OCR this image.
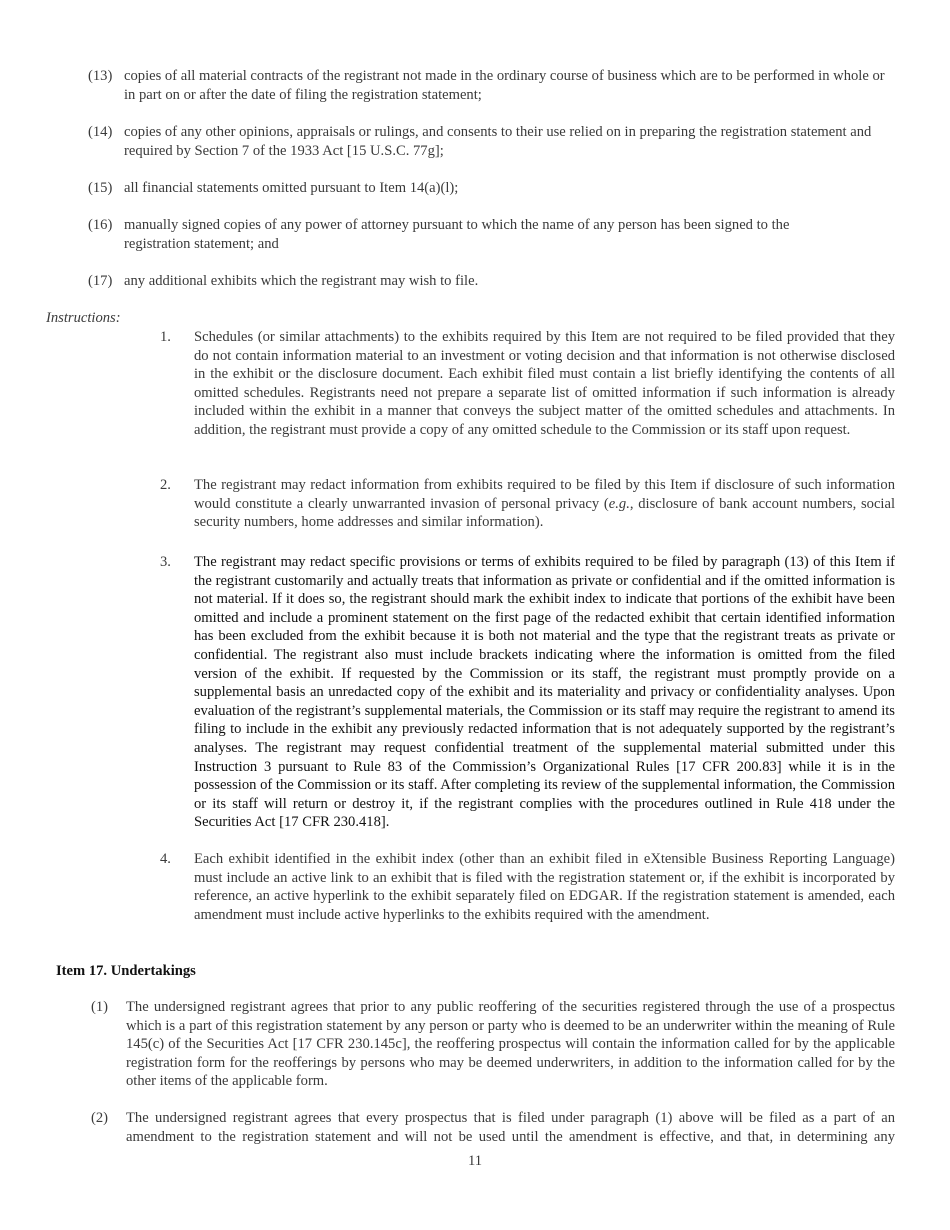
(13) copies of all material contracts of the registrant not made in the ordinary course of business which are to be performed in whole or in part on or after the date of filing the registration statement;
(14) copies of any other opinions, appraisals or rulings, and consents to their use relied on in preparing the registration statement and required by Section 7 of the 1933 Act [15 U.S.C. 77g];
(15) all financial statements omitted pursuant to Item 14(a)(l);
(16) manually signed copies of any power of attorney pursuant to which the name of any person has been signed to the registration statement; and
(17) any additional exhibits which the registrant may wish to file.
Instructions:
1. Schedules (or similar attachments) to the exhibits required by this Item are not required to be filed provided that they do not contain information material to an investment or voting decision and that information is not otherwise disclosed in the exhibit or the disclosure document. Each exhibit filed must contain a list briefly identifying the contents of all omitted schedules. Registrants need not prepare a separate list of omitted information if such information is already included within the exhibit in a manner that conveys the subject matter of the omitted schedules and attachments. In addition, the registrant must provide a copy of any omitted schedule to the Commission or its staff upon request.
2. The registrant may redact information from exhibits required to be filed by this Item if disclosure of such information would constitute a clearly unwarranted invasion of personal privacy (e.g., disclosure of bank account numbers, social security numbers, home addresses and similar information).
3. The registrant may redact specific provisions or terms of exhibits required to be filed by paragraph (13) of this Item if the registrant customarily and actually treats that information as private or confidential and if the omitted information is not material. If it does so, the registrant should mark the exhibit index to indicate that portions of the exhibit have been omitted and include a prominent statement on the first page of the redacted exhibit that certain identified information has been excluded from the exhibit because it is both not material and the type that the registrant treats as private or confidential. The registrant also must include brackets indicating where the information is omitted from the filed version of the exhibit. If requested by the Commission or its staff, the registrant must promptly provide on a supplemental basis an unredacted copy of the exhibit and its materiality and privacy or confidentiality analyses. Upon evaluation of the registrant’s supplemental materials, the Commission or its staff may require the registrant to amend its filing to include in the exhibit any previously redacted information that is not adequately supported by the registrant’s analyses. The registrant may request confidential treatment of the supplemental material submitted under this Instruction 3 pursuant to Rule 83 of the Commission’s Organizational Rules [17 CFR 200.83] while it is in the possession of the Commission or its staff. After completing its review of the supplemental information, the Commission or its staff will return or destroy it, if the registrant complies with the procedures outlined in Rule 418 under the Securities Act [17 CFR 230.418].
4. Each exhibit identified in the exhibit index (other than an exhibit filed in eXtensible Business Reporting Language) must include an active link to an exhibit that is filed with the registration statement or, if the exhibit is incorporated by reference, an active hyperlink to the exhibit separately filed on EDGAR. If the registration statement is amended, each amendment must include active hyperlinks to the exhibits required with the amendment.
Item 17. Undertakings
(1) The undersigned registrant agrees that prior to any public reoffering of the securities registered through the use of a prospectus which is a part of this registration statement by any person or party who is deemed to be an underwriter within the meaning of Rule 145(c) of the Securities Act [17 CFR 230.145c], the reoffering prospectus will contain the information called for by the applicable registration form for the reofferings by persons who may be deemed underwriters, in addition to the information called for by the other items of the applicable form.
(2) The undersigned registrant agrees that every prospectus that is filed under paragraph (1) above will be filed as a part of an amendment to the registration statement and will not be used until the amendment is effective, and that, in determining any
11
